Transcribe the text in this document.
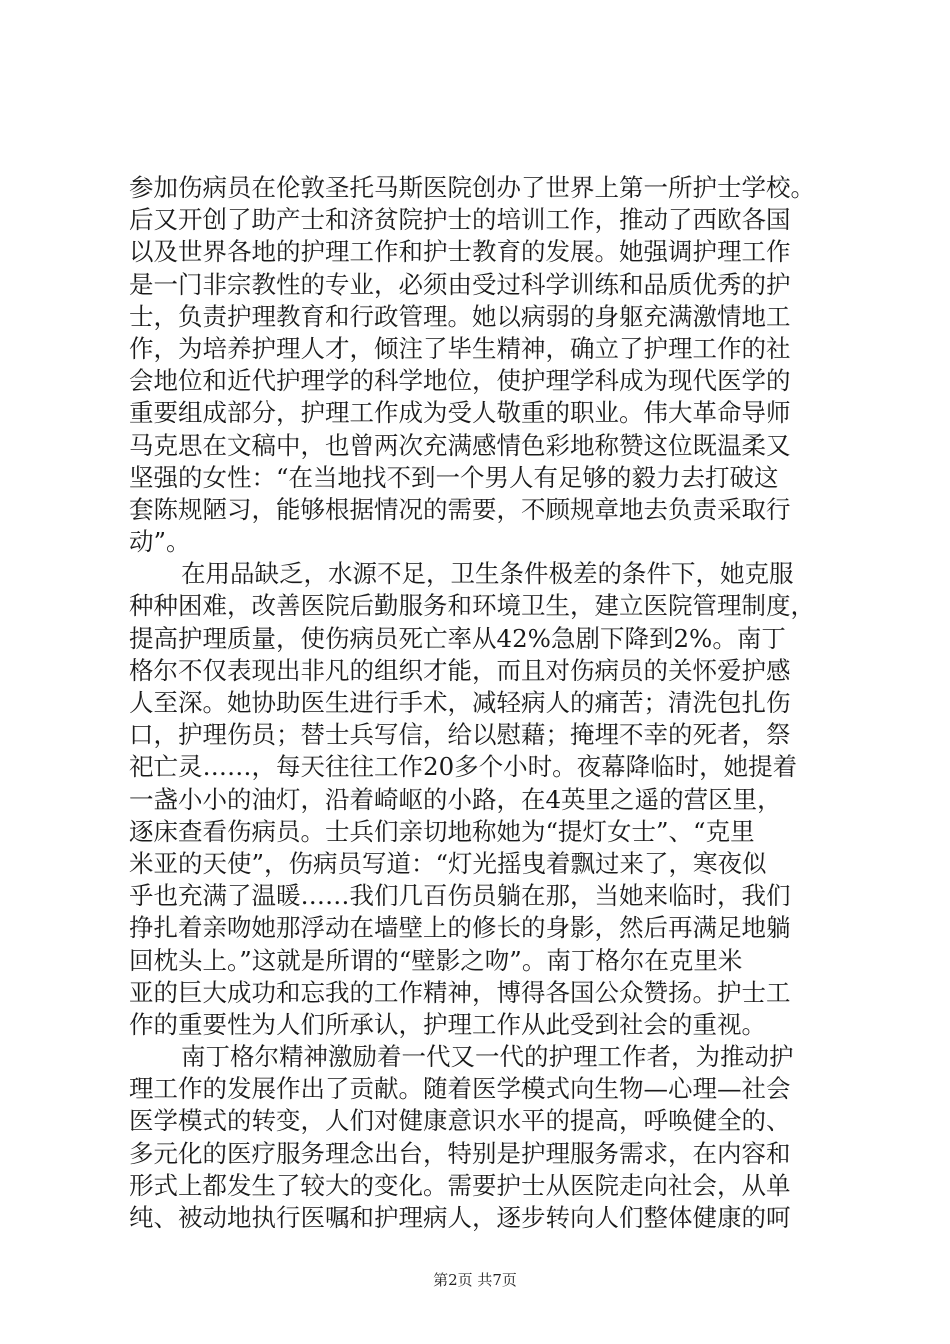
参加伤病员在伦敦圣托马斯医院创办了世界上第一所护士学校。
后又开创了助产士和济贫院护士的培训工作，推动了西欧各国
以及世界各地的护理工作和护士教育的发展。她强调护理工作
是一门非宗教性的专业，必须由受过科学训练和品质优秀的护
士，负责护理教育和行政管理。她以病弱的身躯充满激情地工
作，为培养护理人才，倾注了毕生精神，确立了护理工作的社
会地位和近代护理学的科学地位，使护理学科成为现代医学的
重要组成部分，护理工作成为受人敬重的职业。伟大革命导师
马克思在文稿中，也曾两次充满感情色彩地称赞这位既温柔又
坚强的女性：“在当地找不到一个男人有足够的毅力去打破这
套陈规陋习，能够根据情况的需要，不顾规章地去负责采取行
动”。
在用品缺乏，水源不足，卫生条件极差的条件下，她克服
种种困难，改善医院后勤服务和环境卫生，建立医院管理制度，
提高护理质量，使伤病员死亡率从42%急剧下降到2%。南丁
格尔不仅表现出非凡的组织才能，而且对伤病员的关怀爱护感
人至深。她协助医生进行手术，减轻病人的痛苦；清洗包扎伤
口，护理伤员；替士兵写信，给以慰藉；掩埋不幸的死者，祭
祀亡灵……，每天往往工作20多个小时。夜幕降临时，她提着
一盏小小的油灯，沿着崎岖的小路，在4英里之遥的营区里，
逐床查看伤病员。士兵们亲切地称她为“提灯女士”、“克里
米亚的天使”，伤病员写道：“灯光摇曳着飘过来了，寒夜似
乎也充满了温暖……我们几百伤员躺在那，当她来临时，我们
挣扎着亲吻她那浮动在墙壁上的修长的身影，然后再满足地躺
回枕头上。”这就是所谓的“壁影之吻”。南丁格尔在克里米
亚的巨大成功和忘我的工作精神，博得各国公众赞扬。护士工
作的重要性为人们所承认，护理工作从此受到社会的重视。
南丁格尔精神激励着一代又一代的护理工作者，为推动护
理工作的发展作出了贡献。随着医学模式向生物—心理—社会
医学模式的转变，人们对健康意识水平的提高，呼唤健全的、
多元化的医疗服务理念出台，特别是护理服务需求，在内容和
形式上都发生了较大的变化。需要护士从医院走向社会，从单
纯、被动地执行医嘱和护理病人，逐步转向人们整体健康的呵
第2页 共7页
